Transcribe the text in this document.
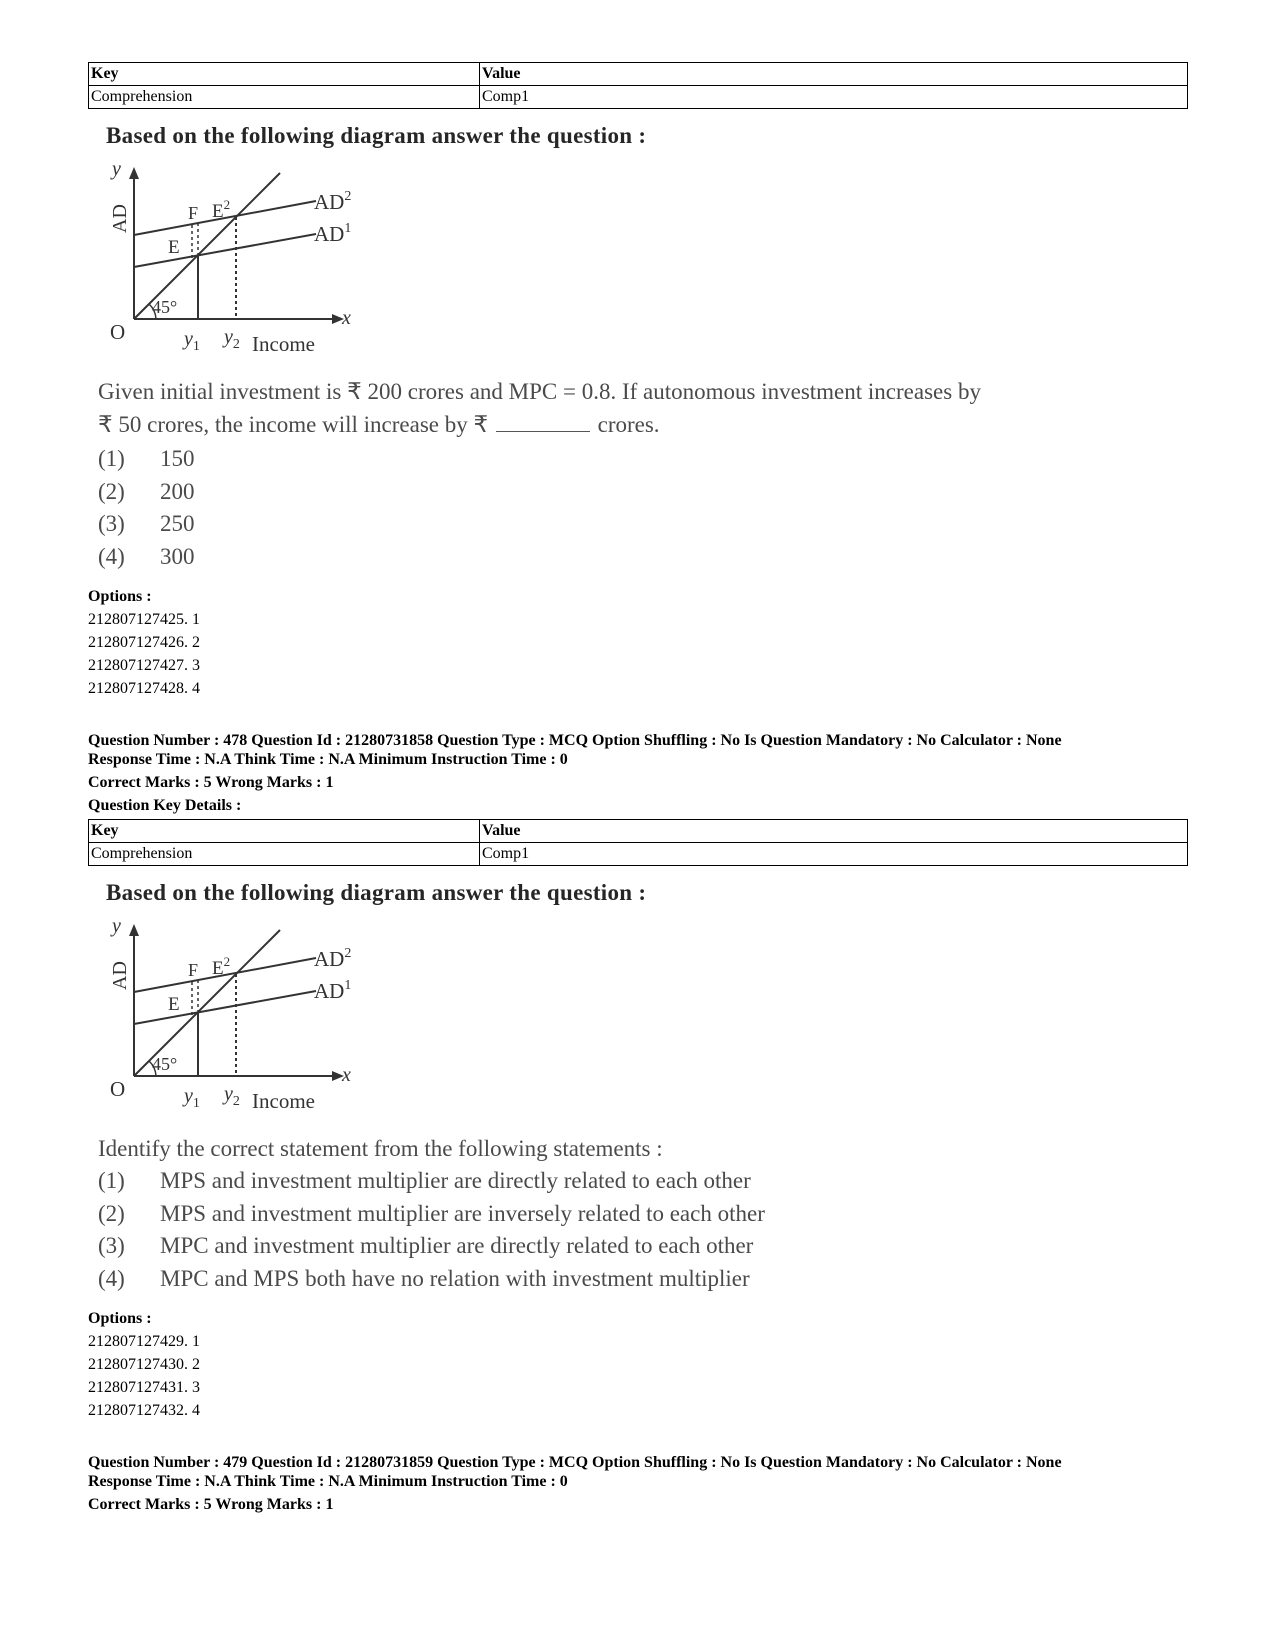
Key	Value
Comprehension	Comp1
Based on the following diagram answer the question :
y
AD
O
x
45°
F
E
$E^2$	$AD^2$
$AD^1$
$y_1$ $y_2$ Income
Given initial investment is ₹ 200 crores and MPC = 0.8. If autonomous investment increases by
₹ 50 crores, the income will increase by ₹	crores.
(1)	150
(2)	200
(3)	250
(4)	300
Options :
212807127425. 1
212807127426. 2
212807127427. 3
212807127428. 4
Question Number : 478 Question Id : 21280731858 Question Type : MCQ Option Shuffling : No Is Question Mandatory : No Calculator : None
Response Time : N.A Think Time : N.A Minimum Instruction Time : 0
Correct Marks : 5 Wrong Marks : 1
Question Key Details :
Key	Value
Comprehension	Comp1
Based on the following diagram answer the question :
y
AD
O
x
45°
F
E
$E^2$	$AD^2$
$AD^1$
$y_1$ $y_2$ Income
Identify the correct statement from the following statements :
(1)	MPS and investment multiplier are directly related to each other
(2)	MPS and investment multiplier are inversely related to each other
(3)	MPC and investment multiplier are directly related to each other
(4)	MPC and MPS both have no relation with investment multiplier
Options :
212807127429. 1
212807127430. 2
212807127431. 3
212807127432. 4
Question Number : 479 Question Id : 21280731859 Question Type : MCQ Option Shuffling : No Is Question Mandatory : No Calculator : None
Response Time : N.A Think Time : N.A Minimum Instruction Time : 0
Correct Marks : 5 Wrong Marks : 1
